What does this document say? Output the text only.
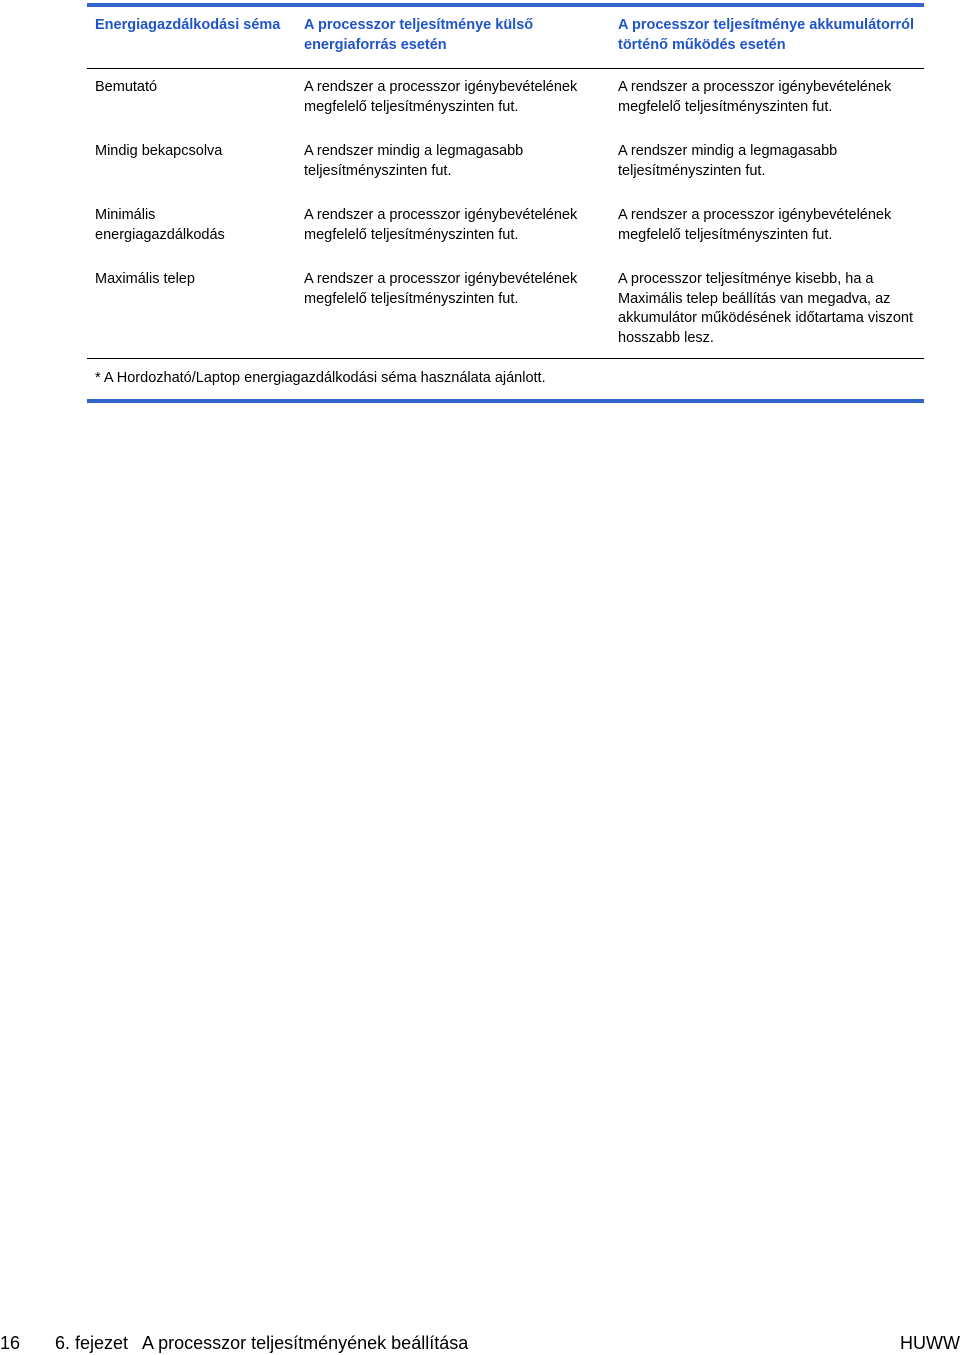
Energiagazdálkodási séma	A processzor teljesítménye külső energiaforrás esetén	A processzor teljesítménye akkumulátorról történő működés esetén
Bemutató	A rendszer a processzor igénybevételének megfelelő teljesítményszinten fut.	A rendszer a processzor igénybevételének megfelelő teljesítményszinten fut.
Mindig bekapcsolva	A rendszer mindig a legmagasabb teljesítményszinten fut.	A rendszer mindig a legmagasabb teljesítményszinten fut.
Minimális energiagazdálkodás	A rendszer a processzor igénybevételének megfelelő teljesítményszinten fut.	A rendszer a processzor igénybevételének megfelelő teljesítményszinten fut.
Maximális telep	A rendszer a processzor igénybevételének megfelelő teljesítményszinten fut.	A processzor teljesítménye kisebb, ha a Maximális telep beállítás van megadva, az akkumulátor működésének időtartama viszont hosszabb lesz.
* A Hordozható/Laptop energiagazdálkodási séma használata ajánlott.
16 6. fejezet   A processzor teljesítményének beállítása	HUWW
